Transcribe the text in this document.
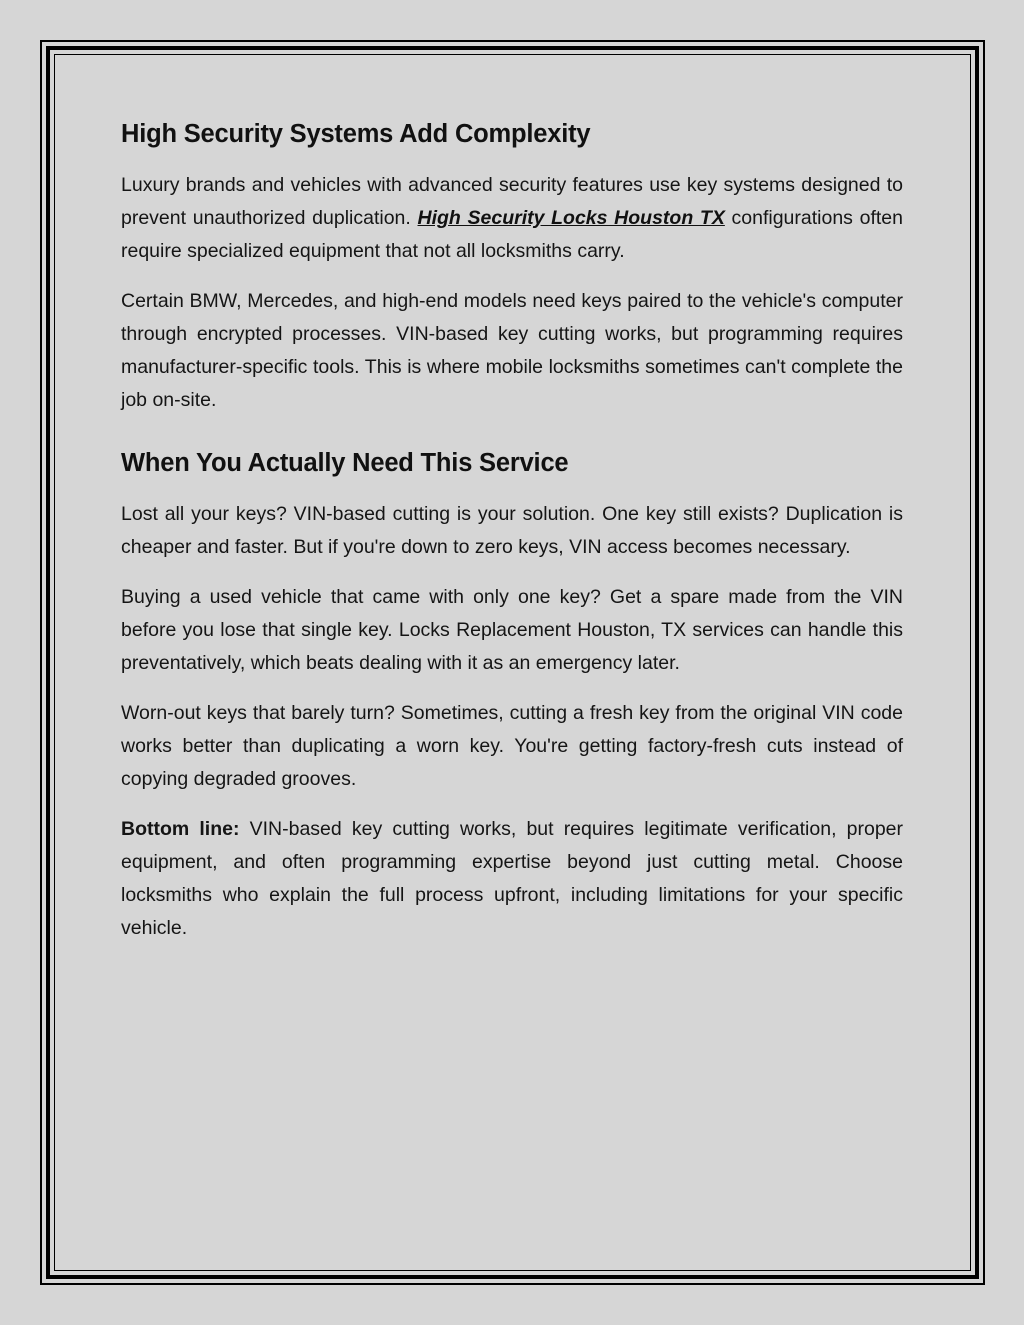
High Security Systems Add Complexity

Luxury brands and vehicles with advanced security features use key systems designed to prevent unauthorized duplication. High Security Locks Houston TX configurations often require specialized equipment that not all locksmiths carry.

Certain BMW, Mercedes, and high-end models need keys paired to the vehicle's computer through encrypted processes. VIN-based key cutting works, but programming requires manufacturer-specific tools. This is where mobile locksmiths sometimes can't complete the job on-site.

When You Actually Need This Service

Lost all your keys? VIN-based cutting is your solution. One key still exists? Duplication is cheaper and faster. But if you're down to zero keys, VIN access becomes necessary.

Buying a used vehicle that came with only one key? Get a spare made from the VIN before you lose that single key. Locks Replacement Houston, TX services can handle this preventatively, which beats dealing with it as an emergency later.

Worn-out keys that barely turn? Sometimes, cutting a fresh key from the original VIN code works better than duplicating a worn key. You're getting factory-fresh cuts instead of copying degraded grooves.

Bottom line: VIN-based key cutting works, but requires legitimate verification, proper equipment, and often programming expertise beyond just cutting metal. Choose locksmiths who explain the full process upfront, including limitations for your specific vehicle.
